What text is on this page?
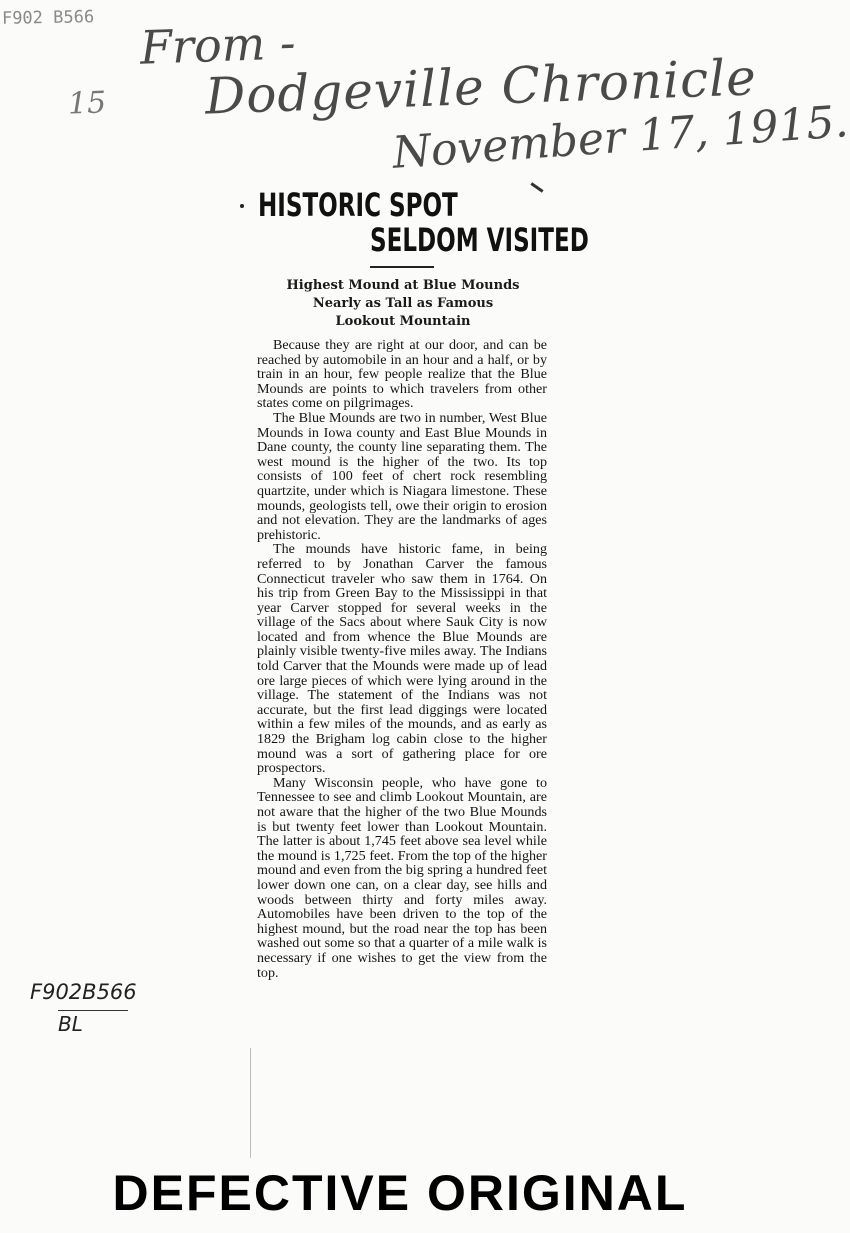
F902 B566 From -
15 Dodgeville Chronicle
November 17, 1915.
HISTORIC SPOT
SELDOM VISITED
Highest Mound at Blue Mounds
Nearly as Tall as Famous
Lookout Mountain

Because they are right at our door, and can be reached by automobile in an hour and a half, or by train in an hour, few people realize that the Blue Mounds are points to which travelers from other states come on pilgrimages.

The Blue Mounds are two in number, West Blue Mounds in Iowa county and East Blue Mounds in Dane county, the county line separating them. The west mound is the higher of the two. Its top consists of 100 feet of chert rock resembling quartzite, under which is Niagara limestone. These mounds, geologists tell, owe their origin to erosion and not elevation. They are the landmarks of ages prehistoric.

The mounds have historic fame, in being referred to by Jonathan Carver the famous Connecticut traveler who saw them in 1764. On his trip from Green Bay to the Mississippi in that year Carver stopped for several weeks in the village of the Sacs about where Sauk City is now located and from whence the Blue Mounds are plainly visible twenty-five miles away. The Indians told Carver that the Mounds were made up of lead ore large pieces of which were lying around in the village. The statement of the Indians was not accurate, but the first lead diggings were located within a few miles of the mounds, and as early as 1829 the Brigham log cabin close to the higher mound was a sort of gathering place for ore prospectors.

Many Wisconsin people, who have gone to Tennessee to see and climb Lookout Mountain, are not aware that the higher of the two Blue Mounds is but twenty feet lower than Lookout Mountain. The latter is about 1,745 feet above sea level while the mound is 1,725 feet. From the top of the higher mound and even from the big spring a hundred feet lower down one can, on a clear day, see hills and woods between thirty and forty miles away. Automobiles have been driven to the top of the highest mound, but the road near the top has been washed out some so that a quarter of a mile walk is necessary if one wishes to get the view from the top.

F902B566
BL
DEFECTIVE ORIGINAL
